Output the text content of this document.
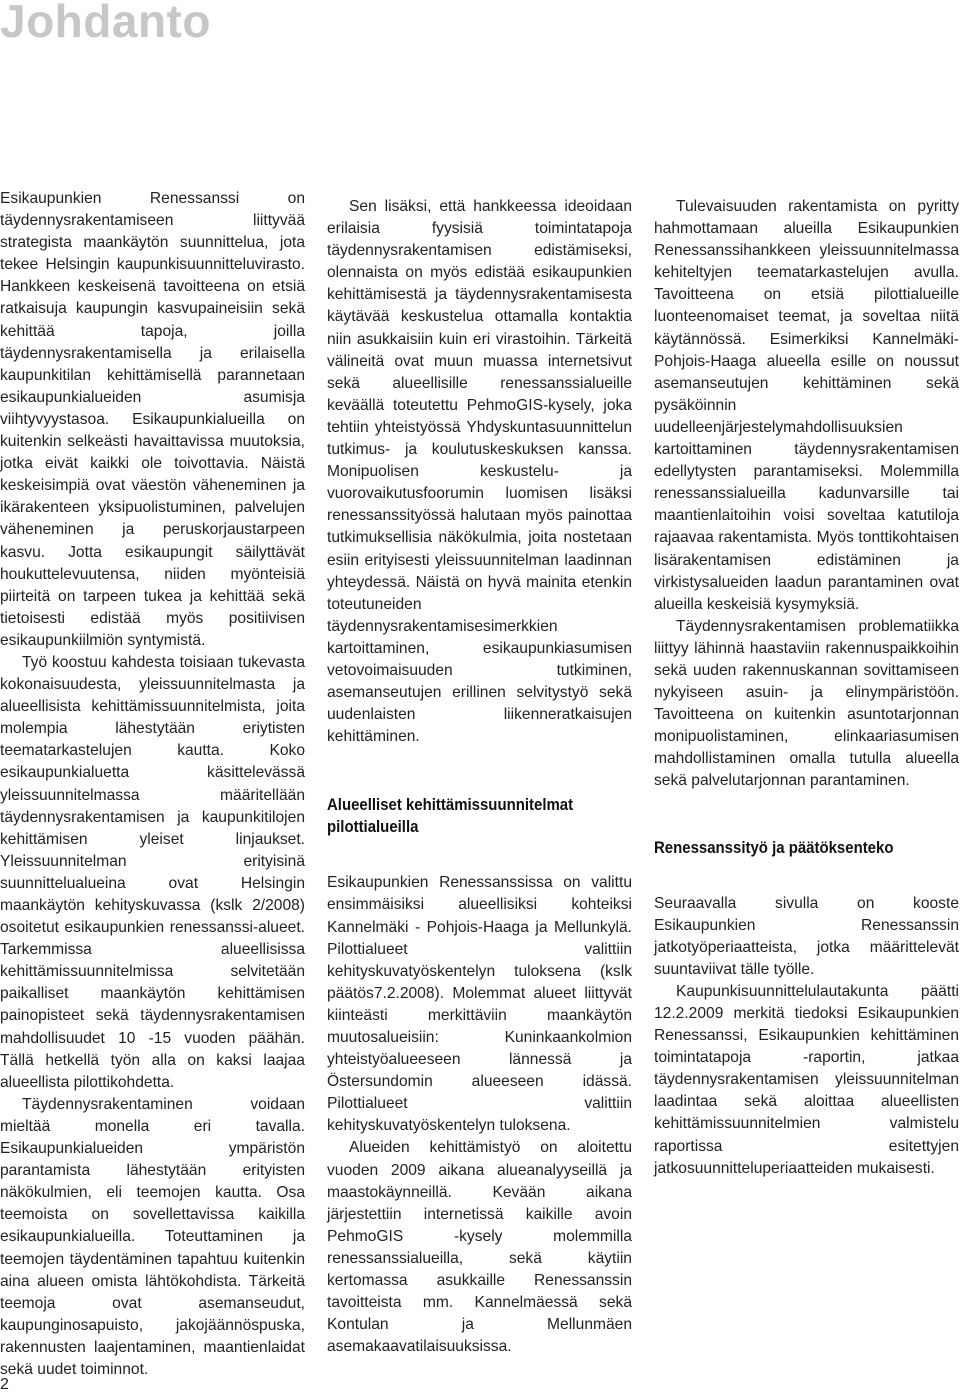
Johdanto

Esikaupunkien Renessanssi on täydennysrakentamiseen liittyvää strategista maankäytön suunnittelua, jota tekee Helsingin kaupunkisuunnitteluvirasto. Hankkeen keskeisenä tavoitteena on etsiä ratkaisuja kaupungin kasvupaineisiin sekä kehittää tapoja, joilla täydennysrakentamisella ja erilaisella kaupunkitilan kehittämisellä parannetaan esikaupunkialueiden asumisja viihtyvyystasoa. Esikaupunkialueilla on kuitenkin selkeästi havaittavissa muutoksia, jotka eivät kaikki ole toivottavia. Näistä keskeisimpiä ovat väestön väheneminen ja ikärakenteen yksipuolistuminen, palvelujen väheneminen ja peruskorjaustarpeen kasvu. Jotta esikaupungit säilyttävät houkuttelevuutensa, niiden myönteisiä piirteitä on tarpeen tukea ja kehittää sekä tietoisesti edistää myös positiivisen esikaupunkiilmiön syntymistä.

Työ koostuu kahdesta toisiaan tukevasta kokonaisuudesta, yleissuunnitelmasta ja alueellisista kehittämissuunnitelmista, joita molempia lähestytään eriytisten teematarkastelujen kautta. Koko esikaupunkialuetta käsittelevässä yleissuunnitelmassa määritellään täydennysrakentamisen ja kaupunkitilojen kehittämisen yleiset linjaukset. Yleissuunnitelman erityisinä suunnittelualueina ovat Helsingin maankäytön kehityskuvassa (kslk 2/2008) osoitetut esikaupunkien renessanssi-alueet. Tarkemmissa alueellisissa kehittämissuunnitelmissa selvitetään paikalliset maankäytön kehittämisen painopisteet sekä täydennysrakentamisen mahdollisuudet 10 -15 vuoden päähän. Tällä hetkellä työn alla on kaksi laajaa alueellista pilottikohdetta.

Täydennysrakentaminen voidaan mieltää monella eri tavalla. Esikaupunkialueiden ympäristön parantamista lähestytään erityisten näkökulmien, eli teemojen kautta. Osa teemoista on sovellettavissa kaikilla esikaupunkialueilla. Toteuttaminen ja teemojen täydentäminen tapahtuu kuitenkin aina alueen omista lähtökohdista. Tärkeitä teemoja ovat asemanseudut, kaupunginosapuisto, jakojäännöspuska, rakennusten laajentaminen, maantienlaidat sekä uudet toiminnot.

Sen lisäksi, että hankkeessa ideoidaan erilaisia fyysisiä toimintatapoja täydennysrakentamisen edistämiseksi, olennaista on myös edistää esikaupunkien kehittämisestä ja täydennysrakentamisesta käytävää keskustelua ottamalla kontaktia niin asukkaisiin kuin eri virastoihin. Tärkeitä välineitä ovat muun muassa internetsivut sekä alueellisille renessanssialueille keväällä toteutettu PehmoGIS-kysely, joka tehtiin yhteistyössä Yhdyskuntasuunnittelun tutkimus- ja koulutuskeskuksen kanssa. Monipuolisen keskustelu- ja vuorovaikutusfoorumin luomisen lisäksi renessanssityössä halutaan myös painottaa tutkimuksellisia näkökulmia, joita nostetaan esiin erityisesti yleissuunnitelman laadinnan yhteydessä. Näistä on hyvä mainita etenkin toteutuneiden täydennysrakentamisesimerkkien kartoittaminen, esikaupunkiasumisen vetovoimaisuuden tutkiminen, asemanseutujen erillinen selvitystyö sekä uudenlaisten liikenneratkaisujen kehittäminen.

Alueelliset kehittämissuunnitelmat pilottialueilla

Esikaupunkien Renessanssissa on valittu ensimmäisiksi alueellisiksi kohteiksi Kannelmäki - Pohjois-Haaga ja Mellunkylä. Pilottialueet valittiin kehityskuvatyöskentelyn tuloksena (kslk päätös7.2.2008). Molemmat alueet liittyvät kiinteästi merkittäviin maankäytön muutosalueisiin: Kuninkaankolmion yhteistyöalueeseen lännessä ja Östersundomin alueeseen idässä. Pilottialueet valittiin kehityskuvatyöskentelyn tuloksena.

Alueiden kehittämistyö on aloitettu vuoden 2009 aikana alueanalyyseillä ja maastokäynneillä. Kevään aikana järjestettiin internetissä kaikille avoin PehmoGIS -kysely molemmilla renessanssialueilla, sekä käytiin kertomassa asukkaille Renessanssin tavoitteista mm. Kannelmäessä sekä Kontulan ja Mellunmäen asemakaavatilaisuuksissa.

Tulevaisuuden rakentamista on pyritty hahmottamaan alueilla Esikaupunkien Renessanssihankkeen yleissuunnitelmassa kehiteltyjen teematarkastelujen avulla. Tavoitteena on etsiä pilottialueille luonteenomaiset teemat, ja soveltaa niitä käytännössä. Esimerkiksi Kannelmäki-Pohjois-Haaga alueella esille on noussut asemanseutujen kehittäminen sekä pysäköinnin uudelleenjärjestelymahdollisuuksien kartoittaminen täydennysrakentamisen edellytysten parantamiseksi. Molemmilla renessanssialueilla kadunvarsille tai maantienlaitoihin voisi soveltaa katutiloja rajaavaa rakentamista. Myös tonttikohtaisen lisärakentamisen edistäminen ja virkistysalueiden laadun parantaminen ovat alueilla keskeisiä kysymyksiä.

Täydennysrakentamisen problematiikka liittyy lähinnä haastaviin rakennuspaikkoihin sekä uuden rakennuskannan sovittamiseen nykyiseen asuin- ja elinympäristöön. Tavoitteena on kuitenkin asuntotarjonnan monipuolistaminen, elinkaariasumisen mahdollistaminen omalla tutulla alueella sekä palvelutarjonnan parantaminen.

Renessanssityö ja päätöksenteko

Seuraavalla sivulla on kooste Esikaupunkien Renessanssin jatkotyöperiaatteista, jotka määrittelevät suuntaviivat tälle työlle.

Kaupunkisuunnittelulautakunta päätti 12.2.2009 merkitä tiedoksi Esikaupunkien Renessanssi, Esikaupunkien kehittäminen toimintatapoja -raportin, jatkaa täydennysrakentamisen yleissuunnitelman laadintaa sekä aloittaa alueellisten kehittämissuunnitelmien valmistelu raportissa esitettyjen jatkosuunnitteluperiaatteiden mukaisesti.

2
